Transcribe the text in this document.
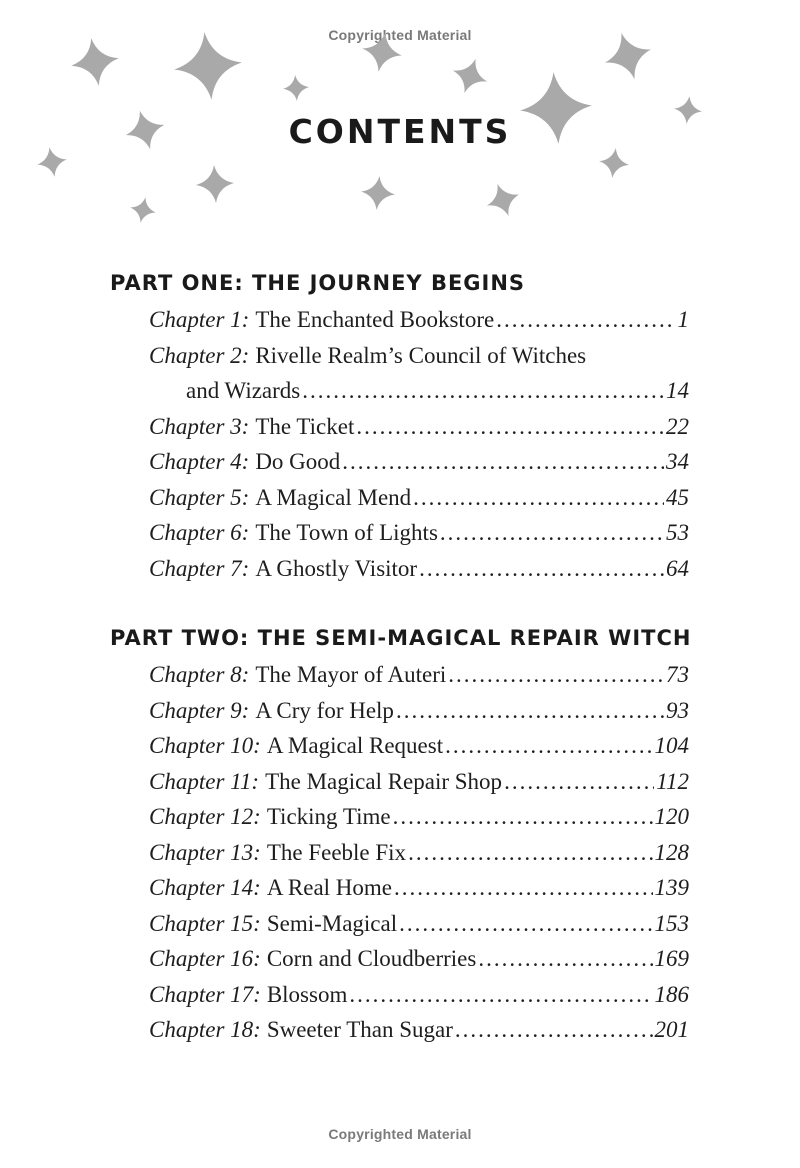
Copyrighted Material
CONTENTS
PART ONE: THE JOURNEY BEGINS
Chapter 1: The Enchanted Bookstore .....	1
Chapter 2: Rivelle Realm’s Council of Witches
and Wizards .....	14
Chapter 3: The Ticket .....	22
Chapter 4: Do Good .....	34
Chapter 5: A Magical Mend .....	45
Chapter 6: The Town of Lights .....	53
Chapter 7: A Ghostly Visitor .....	64
PART TWO: THE SEMI-MAGICAL REPAIR WITCH
Chapter 8: The Mayor of Auteri .....	73
Chapter 9: A Cry for Help .....	93
Chapter 10: A Magical Request .....	104
Chapter 11: The Magical Repair Shop .....	112
Chapter 12: Ticking Time .....	120
Chapter 13: The Feeble Fix .....	128
Chapter 14: A Real Home .....	139
Chapter 15: Semi-Magical .....	153
Chapter 16: Corn and Cloudberries .....	169
Chapter 17: Blossom .....	186
Chapter 18: Sweeter Than Sugar .....	201
Copyrighted Material
